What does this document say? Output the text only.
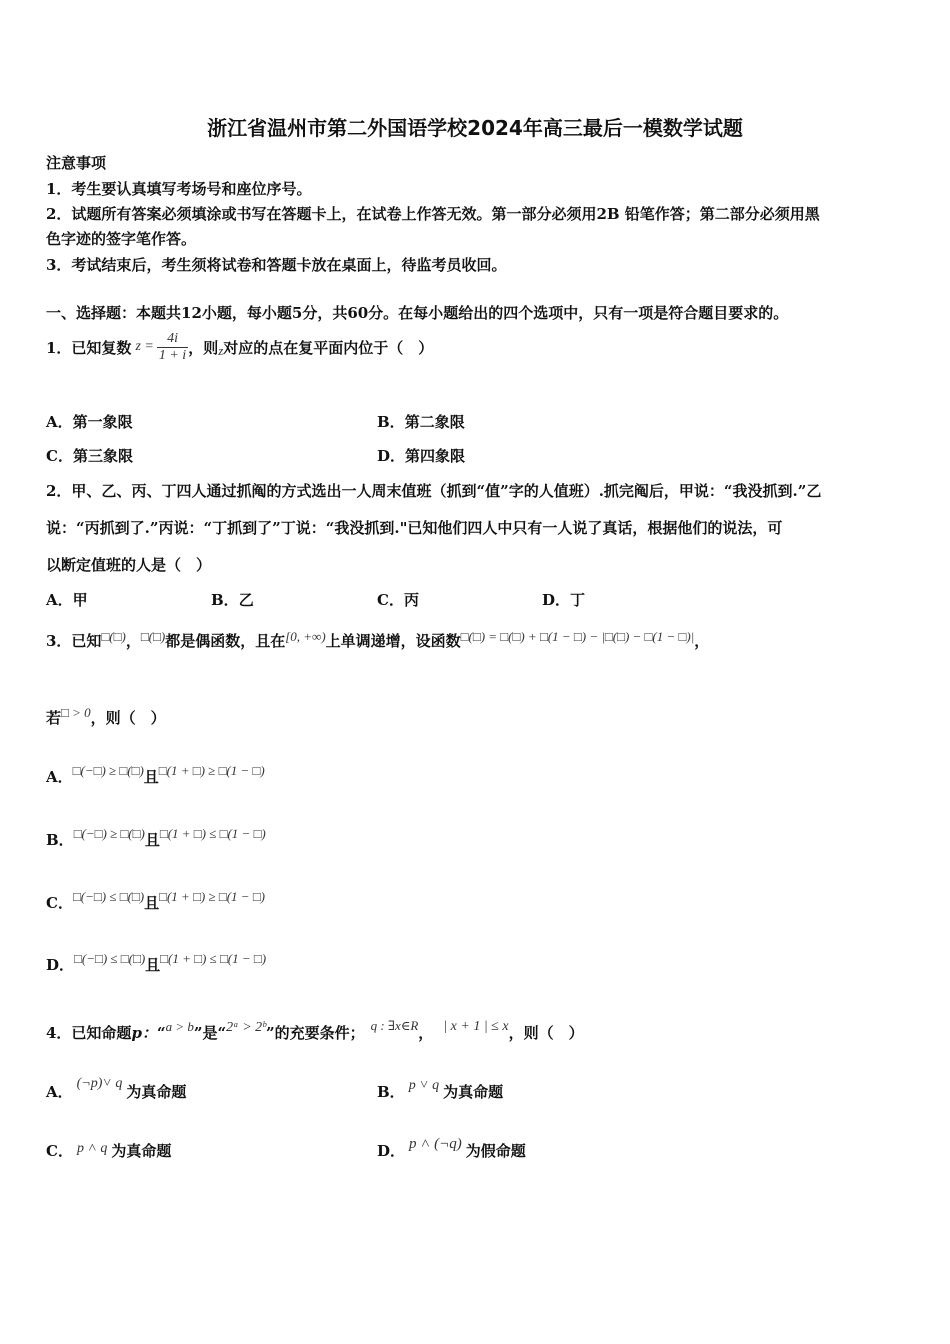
浙江省温州市第二外国语学校2024年高三最后一模数学试题
注意事项
1．考生要认真填写考场号和座位序号。
2．试题所有答案必须填涂或书写在答题卡上，在试卷上作答无效。第一部分必须用2B 铅笔作答；第二部分必须用黑
色字迹的签字笔作答。
3．考试结束后，考生须将试卷和答题卡放在桌面上，待监考员收回。
一、选择题：本题共12小题，每小题5分，共60分。在每小题给出的四个选项中，只有一项是符合题目要求的。
1．已知复数 $z = \frac{4i}{1 + i}$ ，则 z 对应的点在复平面内位于（　）
A．第一象限	B．第二象限
C．第三象限	D．第四象限
2．甲、乙、丙、丁四人通过抓阄的方式选出一人周末值班（抓到“值”字的人值班）.抓完阄后，甲说：“我没抓到.”乙
说：“丙抓到了.”丙说：“丁抓到了”丁说：“我没抓到."已知他们四人中只有一人说了真话，根据他们的说法，可
以断定值班的人是（　）
A．甲	B．乙	C．丙	D．丁
3．已知□(□)，□(□)都是偶函数，且在[0, +∞)上单调递增，设函数□(□) = □(□) + □(1 − □) − |□(□) − □(1 − □)|，
若□ > 0，则（　）
A．□(−□) ≥ □(□)且□(1 + □) ≥ □(1 − □)
B．□(−□) ≥ □(□)且□(1 + □) ≤ □(1 − □)
C．□(−□) ≤ □(□)且□(1 + □) ≥ □(1 − □)
D．□(−□) ≤ □(□)且□(1 + □) ≤ □(1 − □)
4．已知命题p：“a > b”是“2ᵃ > 2ᵇ”的充要条件； q : ∃x∈R， | x + 1 | ≤ x，则（　）
A． (¬p)˅ q 为真命题	B． p ˅ q 为真命题
C． p ˄ q 为真命题	D． p ˄ (¬q) 为假命题
